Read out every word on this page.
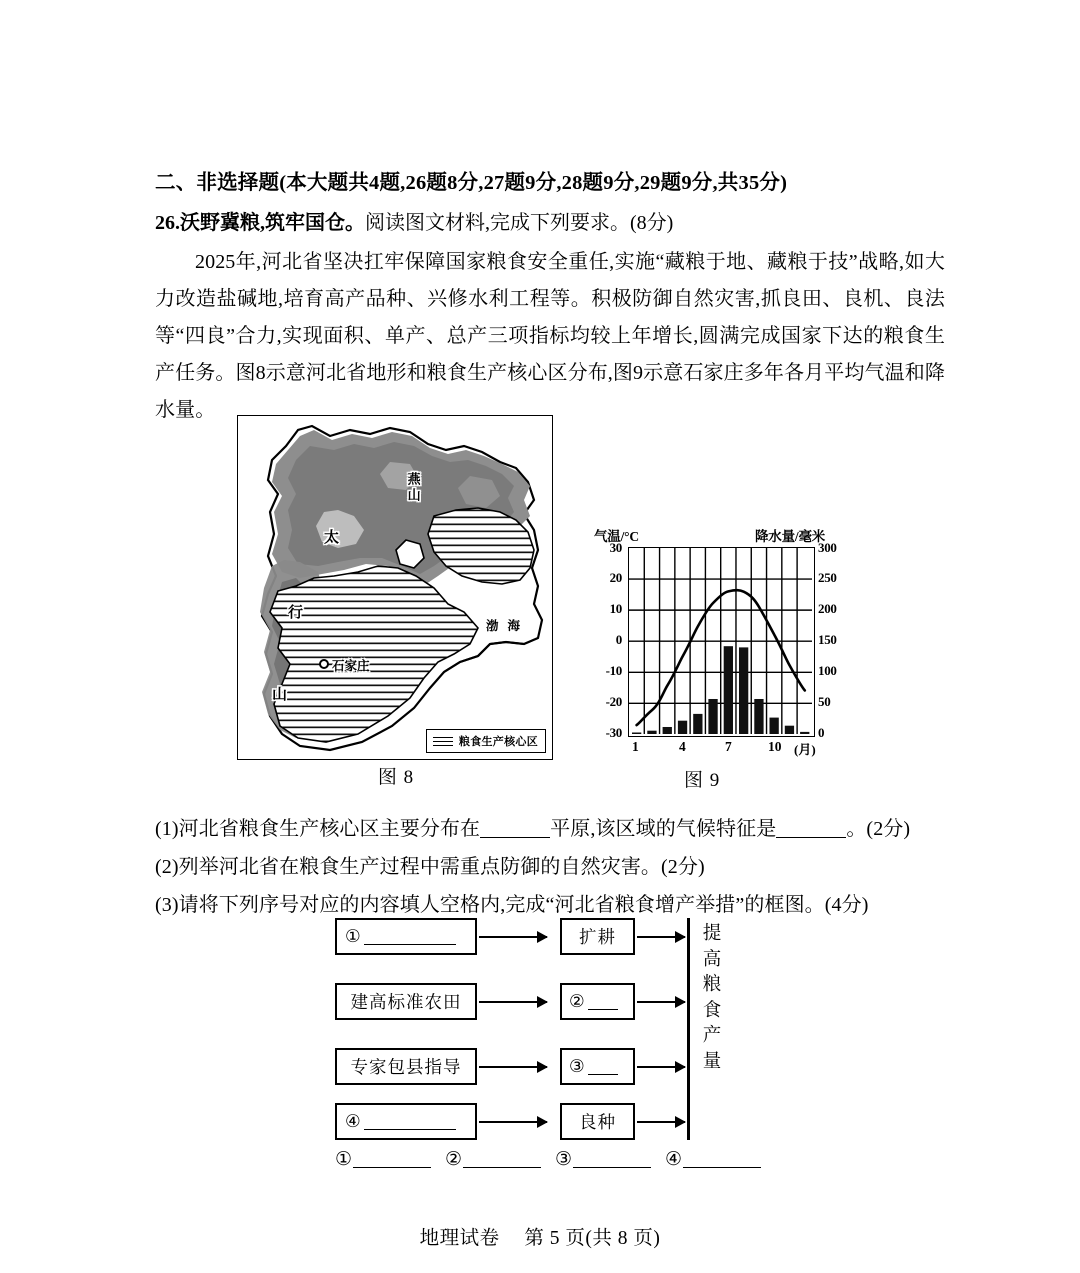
二、非选择题(本大题共4题,26题8分,27题9分,28题9分,29题9分,共35分)
26.沃野冀粮,筑牢国仓。阅读图文材料,完成下列要求。(8分)

2025年,河北省坚决扛牢保障国家粮食安全重任,实施“藏粮于地、藏粮于技”战略,如大力改造盐碱地,培育高产品种、兴修水利工程等。积极防御自然灾害,抓良田、良机、良法等“四良”合力,实现面积、单产、总产三项指标均较上年增长,圆满完成国家下达的粮食生产任务。图8示意河北省地形和粮食生产核心区分布,图9示意石家庄多年各月平均气温和降水量。

燕 山
太
行
山
石家庄
渤海
粮食生产核心区
图 8
气温/°C	降水量/毫米
30
20
10
0
-10
-20
-30
300
250
200
150
100
50
0
1	4	7	10 (月)
图 9
(1)河北省粮食生产核心区主要分布在	平原,该区域的气候特征是	。(2分)
(2)列举河北省在粮食生产过程中需重点防御的自然灾害。(2分)
(3)请将下列序号对应的内容填人空格内,完成“河北省粮食增产举措”的框图。(4分)
①	扩耕
建高标准农田	②
专家包县指导	③
④	良种
提高粮食产量
①	②	③	④
地理试卷 第 5 页(共 8 页)
